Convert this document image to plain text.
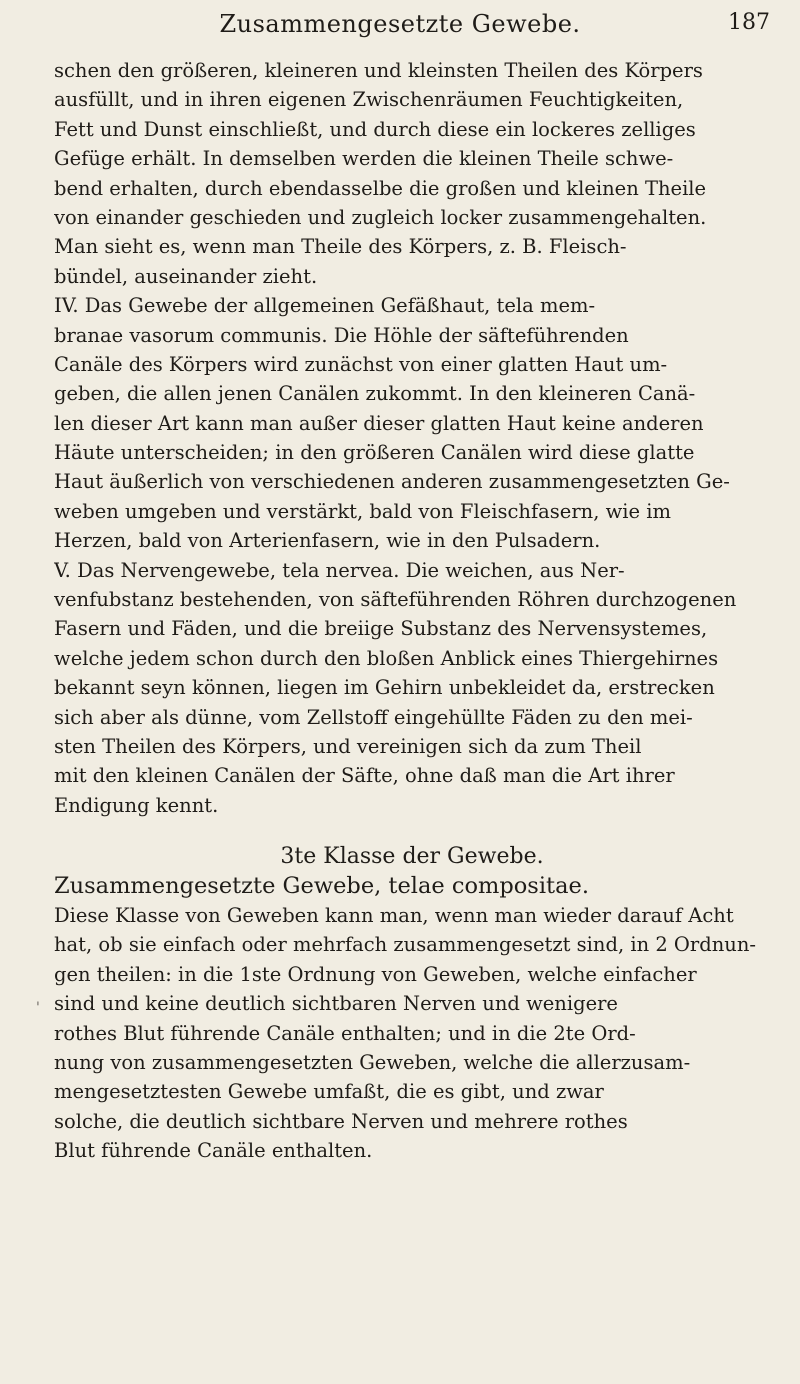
Zusammengesetzte Gewebe.	187
schen den größeren, kleineren und kleinsten Theilen des Körpers
ausfüllt, und in ihren eigenen Zwischenräumen Feuchtigkeiten,
Fett und Dunst einschließt, und durch diese ein lockeres zelliges
Gefüge erhält. In demselben werden die kleinen Theile schwe-
bend erhalten, durch ebendasselbe die großen und kleinen Theile
von einander geschieden und zugleich locker zusammengehalten.
Man sieht es, wenn man Theile des Körpers, z. B. Fleisch-
bündel, auseinander zieht.
IV. Das Gewebe der allgemeinen Gefäßhaut, tela mem-
branae vasorum communis. Die Höhle der säfteführenden
Canäle des Körpers wird zunächst von einer glatten Haut um-
geben, die allen jenen Canälen zukommt. In den kleineren Canä-
len dieser Art kann man außer dieser glatten Haut keine anderen
Häute unterscheiden; in den größeren Canälen wird diese glatte
Haut äußerlich von verschiedenen anderen zusammengesetzten Ge-
weben umgeben und verstärkt, bald von Fleischfasern, wie im
Herzen, bald von Arterienfasern, wie in den Pulsadern.
V. Das Nervengewebe, tela nervea. Die weichen, aus Ner-
venfubstanz bestehenden, von säfteführenden Röhren durchzogenen
Fasern und Fäden, und die breiige Substanz des Nervensystemes,
welche jedem schon durch den bloßen Anblick eines Thiergehirnes
bekannt seyn können, liegen im Gehirn unbekleidet da, erstrecken
sich aber als dünne, vom Zellstoff eingehüllte Fäden zu den mei-
sten Theilen des Körpers, und vereinigen sich da zum Theil
mit den kleinen Canälen der Säfte, ohne daß man die Art ihrer
Endigung kennt.
3te Klasse der Gewebe.
Zusammengesetzte Gewebe, telae compositae.
Diese Klasse von Geweben kann man, wenn man wieder darauf Acht
hat, ob sie einfach oder mehrfach zusammengesetzt sind, in 2 Ordnun-
gen theilen: in die 1ste Ordnung von Geweben, welche einfacher
sind und keine deutlich sichtbaren Nerven und wenigere
rothes Blut führende Canäle enthalten; und in die 2te Ord-
nung von zusammengesetzten Geweben, welche die allerzusam-
mengesetztesten Gewebe umfaßt, die es gibt, und zwar
solche, die deutlich sichtbare Nerven und mehrere rothes
Blut führende Canäle enthalten.
'
